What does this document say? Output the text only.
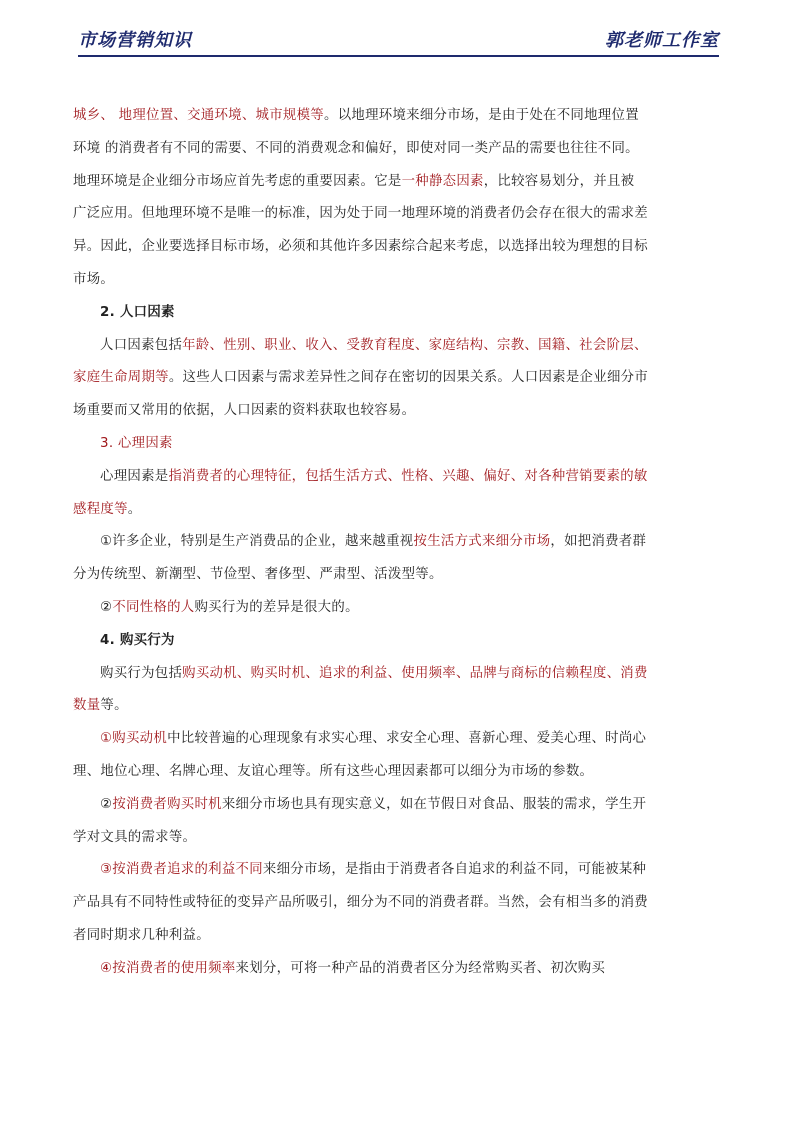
市场营销知识	郭老师工作室

城乡、 地理位置、交通环境、城市规模等。以地理环境来细分市场，是由于处在不同地理位置环境 的消费者有不同的需要、不同的消费观念和偏好，即使对同一类产品的需要也往往不同。地理环境是企业细分市场应首先考虑的重要因素。它是一种静态因素，比较容易划分，并且被广泛应用。但地理环境不是唯一的标准，因为处于同一地理环境的消费者仍会存在很大的需求差异。因此，企业要选择目标市场，必须和其他许多因素综合起来考虑，以选择出较为理想的目标市场。

2. 人口因素

人口因素包括年龄、性别、职业、收入、受教育程度、家庭结构、宗教、国籍、社会阶层、家庭生命周期等。这些人口因素与需求差异性之间存在密切的因果关系。人口因素是企业细分市场重要而又常用的依据，人口因素的资料获取也较容易。

3. 心理因素

心理因素是指消费者的心理特征，包括生活方式、性格、兴趣、偏好、对各种营销要素的敏感程度等。

①许多企业，特别是生产消费品的企业，越来越重视按生活方式来细分市场，如把消费者群分为传统型、新潮型、节俭型、奢侈型、严肃型、活泼型等。

②不同性格的人购买行为的差异是很大的。

4. 购买行为

购买行为包括购买动机、购买时机、追求的利益、使用频率、品牌与商标的信赖程度、消费数量等。

①购买动机中比较普遍的心理现象有求实心理、求安全心理、喜新心理、爱美心理、时尚心理、地位心理、名牌心理、友谊心理等。所有这些心理因素都可以细分为市场的参数。

②按消费者购买时机来细分市场也具有现实意义，如在节假日对食品、服装的需求，学生开学对文具的需求等。

③按消费者追求的利益不同来细分市场，是指由于消费者各自追求的利益不同，可能被某种产品具有不同特性或特征的变异产品所吸引，细分为不同的消费者群。当然，会有相当多的消费者同时期求几种利益。

④按消费者的使用频率来划分，可将一种产品的消费者区分为经常购买者、初次购买
